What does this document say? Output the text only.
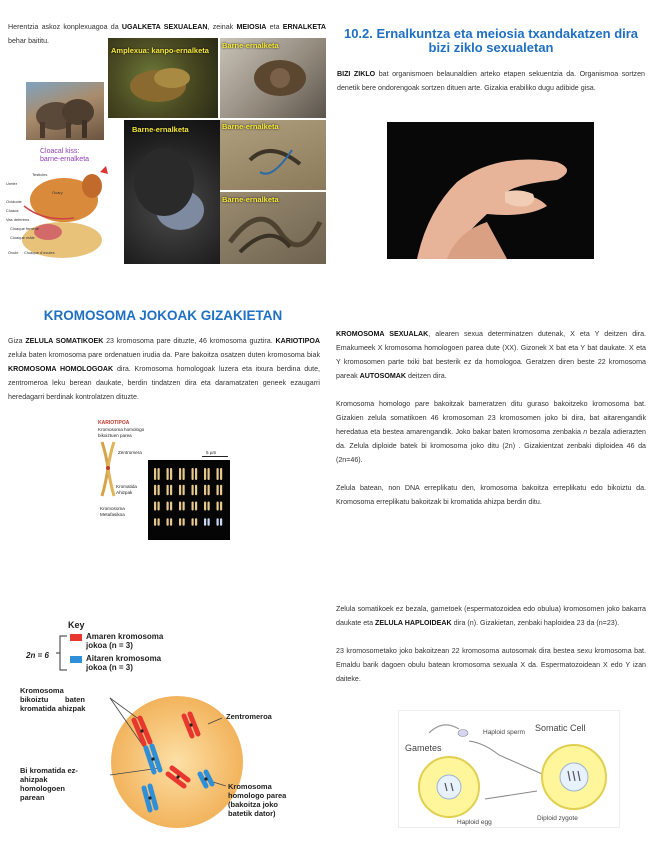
Herentzia askoz konplexuagoa da UGALKETA SEXUALEAN, zeinak MEIOSIA eta ERNALKETA behar baititu.

Amplexua: kanpo-ernalketa
Barne-ernalketa
Barne-ernalketa	Barne-ernalketa
Barne-ernalketa
Cloacal kiss:
barne-ernalketa
Testicles
Ureter
Ovary
Oviducte
Cloaca
Vas deferens
Cloaque femelle
Cloaque mâle
Ovule Cloaque d'ovules
10.2. Ernalkuntza eta meiosia txandakatzen dira bizi ziklo sexualetan

BIZI ZIKLO bat organismoen belaunaldien arteko etapen sekuentzia da. Organismoa sortzen denetik bere ondorengoak sortzen dituen arte. Gizakia erabiliko dugu adibide gisa.

KROMOSOMA JOKOAK GIZAKIETAN

Giza ZELULA SOMATIKOEK 23 kromosoma pare dituzte, 46 kromosoma guztira. KARIOTIPOA zelula baten kromosoma pare ordenatuen irudia da. Pare bakoitza osatzen duten kromosoma biak KROMOSOMA HOMOLOGOAK dira. Kromosoma homologoak luzera eta itxura berdina dute, zentromeroa leku berean daukate, berdin tindatzen dira eta daramatzaten geneek ezaugarri heredagarri berdinak kontrolatzen dituzte.

KROMOSOMA SEXUALAK, alearen sexua determinatzen dutenak, X eta Y deitzen dira. Emakumeek X kromosoma homologoen parea dute (XX). Gizonek X bat eta Y bat daukate. X eta Y kromosomen parte txiki bat besterik ez da homologoa. Geratzen diren beste 22 kromosoma pareak AUTOSOMAK deitzen dira.

Kromosoma homologo pare bakoitzak bameratzen ditu guraso bakoitzeko kromosoma bat. Gizakien zelula somatikoen 46 kromosoman 23 kromosomen joko bi dira, bat aitarengandik heredatua eta bestea amarengandik. Joko bakar baten kromosoma zenbakia n bezala adierazten da. Zelula diploide batek bi kromosoma joko ditu (2n) . Gizakientzat zenbaki diploidea 46 da (2n=46).

Zelula batean, non DNA erreplikatu den, kromosoma bakoitza erreplikatu edo bikoiztu da. Kromosoma erreplikatu bakoitzak bi kromatida ahizpa berdin ditu.

KARIOTIPOA
Kromosoma homologo
bikoiztuen parea
Zentromera
Kromatida
Ahizpak
Kromosoma
Metafasikoa
5 µm

Zelula somatikoek ez bezala, gametoek (espermatozoidea edo obulua) kromosomen joko bakarra daukate eta ZELULA HAPLOIDEAK dira (n). Gizakietan, zenbaki haploidea 23 da (n=23).

23 kromosometako joko bakoitzean 22 kromosoma autosomak dira bestea sexu kromosoma bat. Emaldu barik dagoen obulu batean kromosoma sexuala X da. Espermatozoidean X edo Y izan daiteke.

Key
2n = 6
Amaren kromosoma
jokoa (n = 3)
Aitaren kromosoma
jokoa (n = 3)
Kromosoma
bikoiztu        baten
kromatida ahizpak
Zentromeroa
Bi kromatida ez-
ahizpak
homologoen
parean
Kromosoma
homologo parea
(bakoitza joko
batetik dator)
Haploid sperm
Gametes
Somatic Cell
Haploid egg
Diploid zygote
